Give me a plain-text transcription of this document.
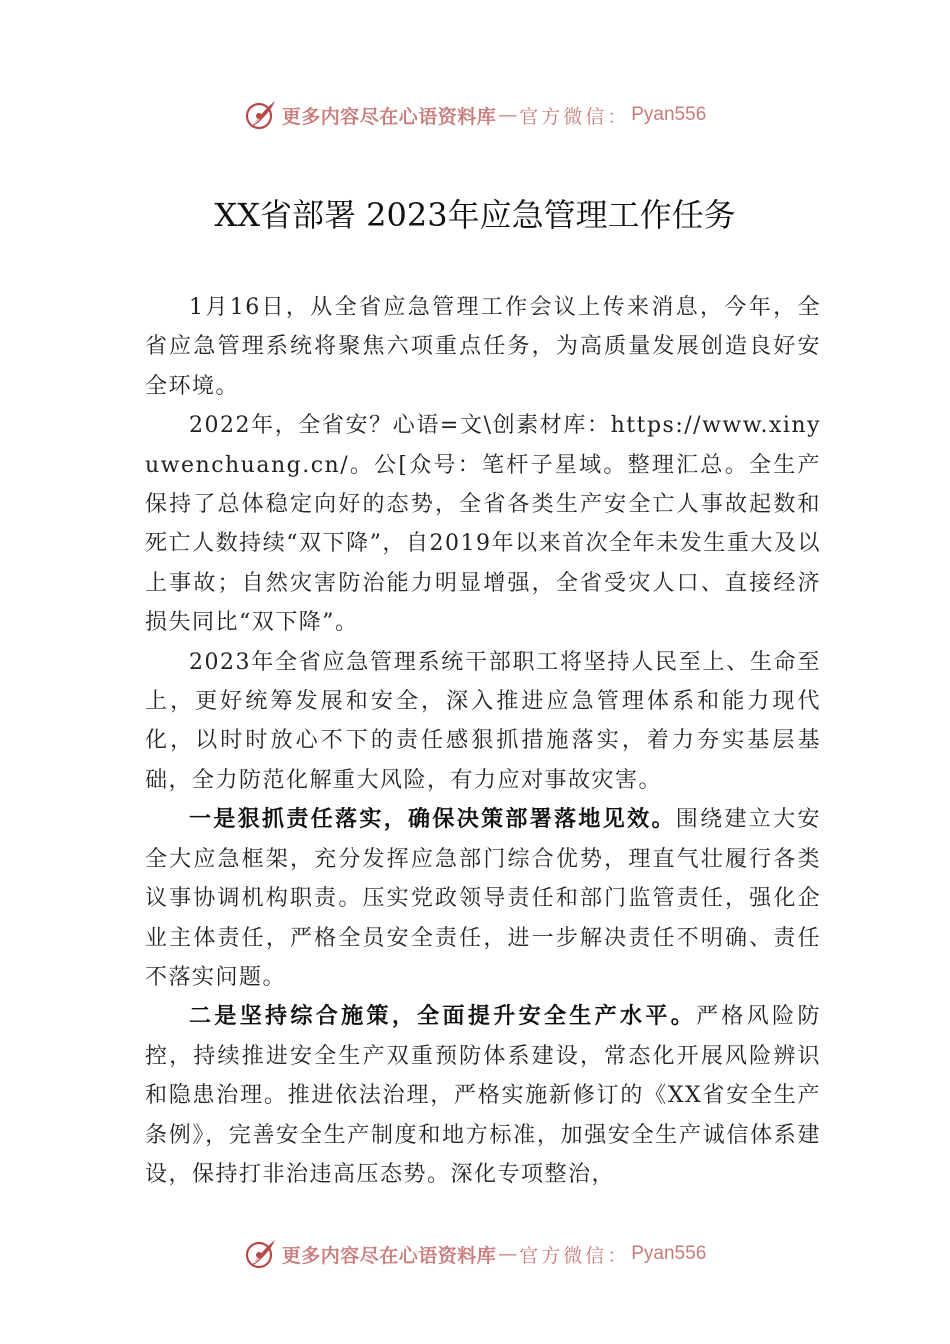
更多内容尽在心语资料库 — 官方微信： Pyan556
XX省部署 2023年应急管理工作任务

1月16日，从全省应急管理工作会议上传来消息，今年，全省应急管理系统将聚焦六项重点任务，为高质量发展创造良好安全环境。

2022年，全省安？心语=文\创素材库：https://www.xinyuwenchuang.cn/。公[众号：笔杆子星域。整理汇总。全生产保持了总体稳定向好的态势，全省各类生产安全亡人事故起数和死亡人数持续“双下降”，自2019年以来首次全年未发生重大及以上事故；自然灾害防治能力明显增强，全省受灾人口、直接经济损失同比“双下降”。

2023年全省应急管理系统干部职工将坚持人民至上、生命至上，更好统筹发展和安全，深入推进应急管理体系和能力现代化，以时时放心不下的责任感狠抓措施落实，着力夯实基层基础，全力防范化解重大风险，有力应对事故灾害。

一是狠抓责任落实，确保决策部署落地见效。围绕建立大安全大应急框架，充分发挥应急部门综合优势，理直气壮履行各类议事协调机构职责。压实党政领导责任和部门监管责任，强化企业主体责任，严格全员安全责任，进一步解决责任不明确、责任不落实问题。

二是坚持综合施策，全面提升安全生产水平。严格风险防控，持续推进安全生产双重预防体系建设，常态化开展风险辨识和隐患治理。推进依法治理，严格实施新修订的《XX省安全生产条例》，完善安全生产制度和地方标准，加强安全生产诚信体系建设，保持打非治违高压态势。深化专项整治，

更多内容尽在心语资料库 — 官方微信： Pyan556
